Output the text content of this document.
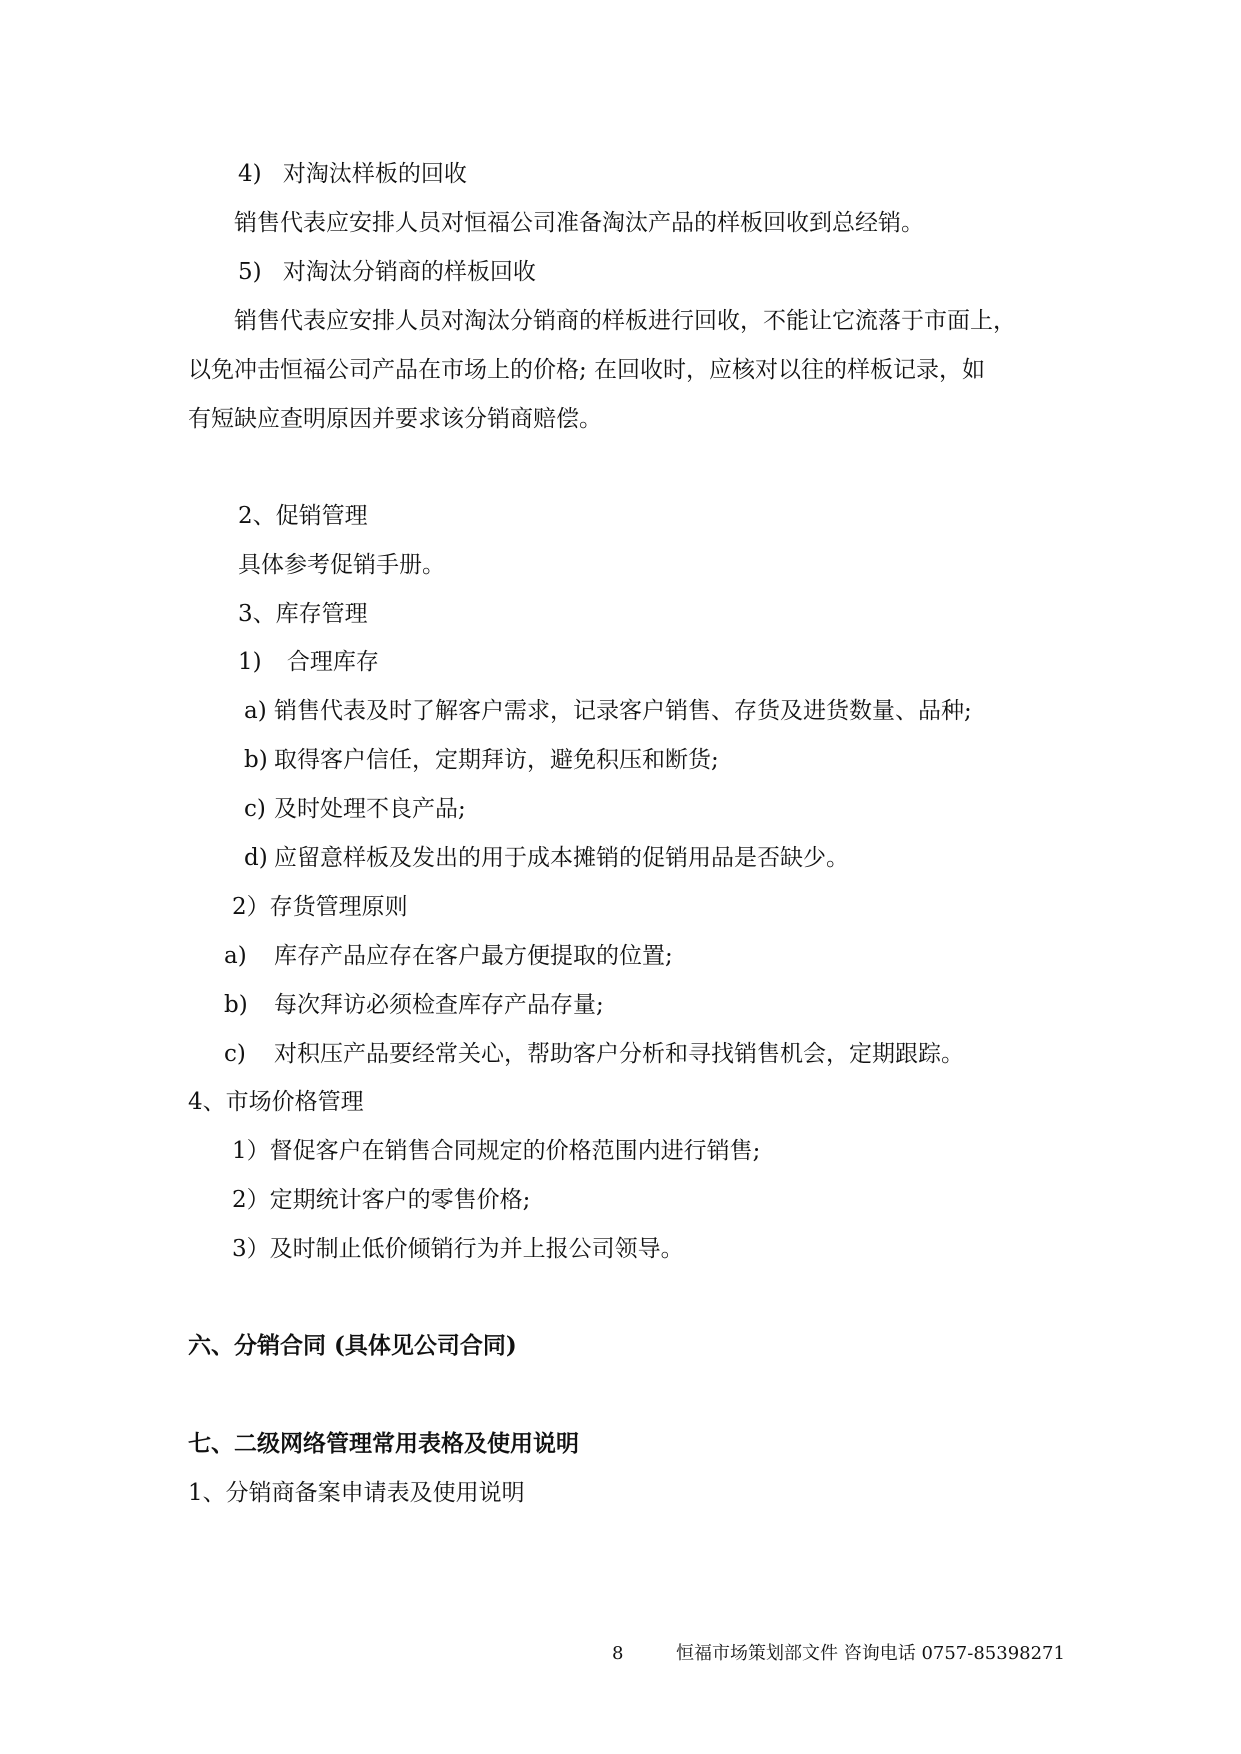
4) 对淘汰样板的回收
销售代表应安排人员对恒福公司准备淘汰产品的样板回收到总经销。
5) 对淘汰分销商的样板回收
销售代表应安排人员对淘汰分销商的样板进行回收，不能让它流落于市面上，
以免冲击恒福公司产品在市场上的价格; 在回收时，应核对以往的样板记录，如
有短缺应查明原因并要求该分销商赔偿。
2、促销管理
具体参考促销手册。
3、库存管理
1) 合理库存
a) 销售代表及时了解客户需求，记录客户销售、存货及进货数量、品种;
b) 取得客户信任，定期拜访，避免积压和断货;
c) 及时处理不良产品;
d) 应留意样板及发出的用于成本摊销的促销用品是否缺少。
2）存货管理原则
a) 库存产品应存在客户最方便提取的位置;
b) 每次拜访必须检查库存产品存量;
c) 对积压产品要经常关心，帮助客户分析和寻找销售机会，定期跟踪。
4、市场价格管理
1）督促客户在销售合同规定的价格范围内进行销售;
2）定期统计客户的零售价格;
3）及时制止低价倾销行为并上报公司领导。
六、分销合同 (具体见公司合同)
七、二级网络管理常用表格及使用说明
1、分销商备案申请表及使用说明
8	恒福市场策划部文件 咨询电话 0757-85398271
